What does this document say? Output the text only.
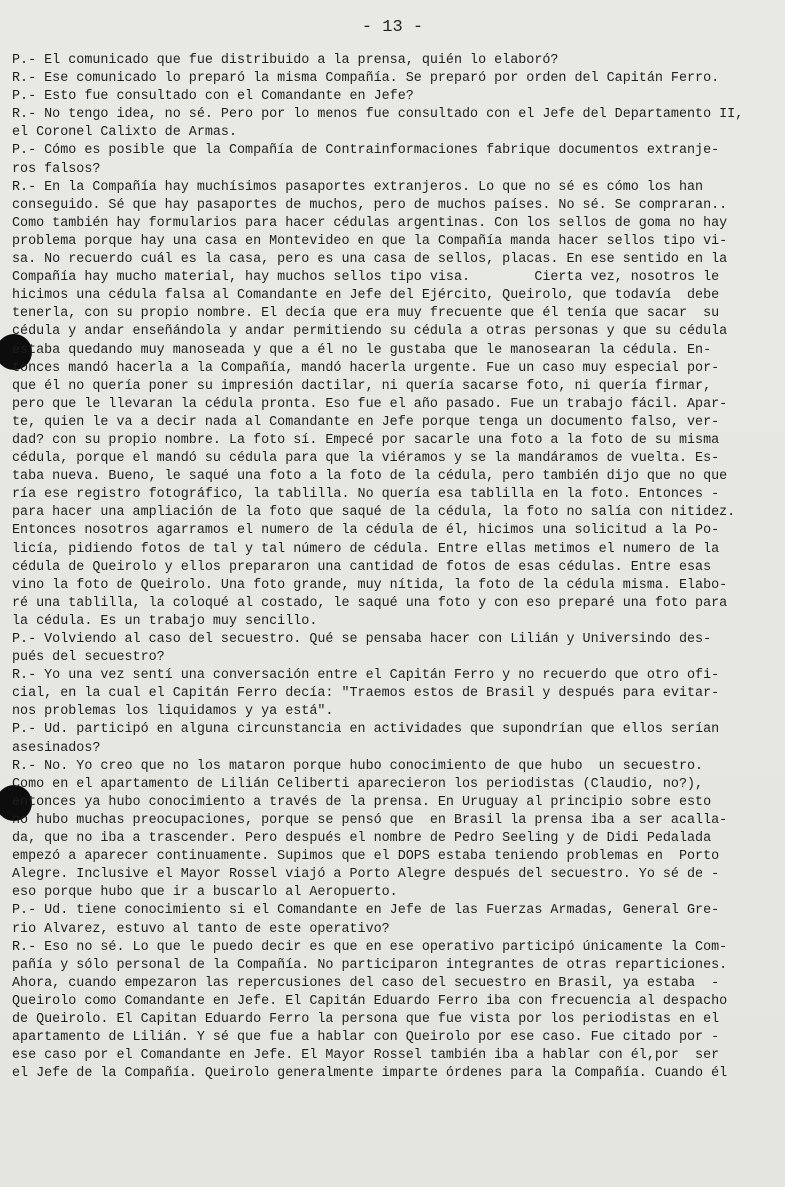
- 13 -
P.- El comunicado que fue distribuido a la prensa, quién lo elaboró?
R.- Ese comunicado lo preparó la misma Compañía. Se preparó por orden del Capitán Ferro.
P.- Esto fue consultado con el Comandante en Jefe?
R.- No tengo idea, no sé. Pero por lo menos fue consultado con el Jefe del Departamento II,
el Coronel Calixto de Armas.
P.- Cómo es posible que la Compañía de Contrainformaciones fabrique documentos extranje-
ros falsos?
R.- En la Compañía hay muchísimos pasaportes extranjeros. Lo que no sé es cómo los han
conseguido. Sé que hay pasaportes de muchos, pero de muchos países. No sé. Se compraran..
Como también hay formularios para hacer cédulas argentinas. Con los sellos de goma no hay
problema porque hay una casa en Montevideo en que la Compañía manda hacer sellos tipo vi-
sa. No recuerdo cuál es la casa, pero es una casa de sellos, placas. En ese sentido en la
Compañía hay mucho material, hay muchos sellos tipo visa.        Cierta vez, nosotros le
hicimos una cédula falsa al Comandante en Jefe del Ejército, Queirolo, que todavía  debe
tenerla, con su propio nombre. El decía que era muy frecuente que él tenía que sacar  su
cédula y andar enseñándola y andar permitiendo su cédula a otras personas y que su cédula
estaba quedando muy manoseada y que a él no le gustaba que le manosearan la cédula. En-
tonces mandó hacerla a la Compañía, mandó hacerla urgente. Fue un caso muy especial por-
que él no quería poner su impresión dactilar, ni quería sacarse foto, ni quería firmar,
pero que le llevaran la cédula pronta. Eso fue el año pasado. Fue un trabajo fácil. Apar-
te, quien le va a decir nada al Comandante en Jefe porque tenga un documento falso, ver-
dad? con su propio nombre. La foto sí. Empecé por sacarle una foto a la foto de su misma
cédula, porque el mandó su cédula para que la viéramos y se la mandáramos de vuelta. Es-
taba nueva. Bueno, le saqué una foto a la foto de la cédula, pero también dijo que no que
ría ese registro fotográfico, la tablilla. No quería esa tablilla en la foto. Entonces -
para hacer una ampliación de la foto que saqué de la cédula, la foto no salía con nitidez.
Entonces nosotros agarramos el numero de la cédula de él, hicimos una solicitud a la Po-
licía, pidiendo fotos de tal y tal número de cédula. Entre ellas metimos el numero de la
cédula de Queirolo y ellos prepararon una cantidad de fotos de esas cédulas. Entre esas
vino la foto de Queirolo. Una foto grande, muy nítida, la foto de la cédula misma. Elabo-
ré una tablilla, la coloqué al costado, le saqué una foto y con eso preparé una foto para
la cédula. Es un trabajo muy sencillo.
P.- Volviendo al caso del secuestro. Qué se pensaba hacer con Lilián y Universindo des-
pués del secuestro?
R.- Yo una vez sentí una conversación entre el Capitán Ferro y no recuerdo que otro ofi-
cial, en la cual el Capitán Ferro decía: "Traemos estos de Brasil y después para evitar-
nos problemas los liquidamos y ya está".
P.- Ud. participó en alguna circunstancia en actividades que supondrían que ellos serían
asesinados?
R.- No. Yo creo que no los mataron porque hubo conocimiento de que hubo  un secuestro.
Como en el apartamento de Lilián Celiberti aparecieron los periodistas (Claudio, no?),
entonces ya hubo conocimiento a través de la prensa. En Uruguay al principio sobre esto
no hubo muchas preocupaciones, porque se pensó que  en Brasil la prensa iba a ser acalla-
da, que no iba a trascender. Pero después el nombre de Pedro Seeling y de Didi Pedalada
empezó a aparecer continuamente. Supimos que el DOPS estaba teniendo problemas en  Porto
Alegre. Inclusive el Mayor Rossel viajó a Porto Alegre después del secuestro. Yo sé de -
eso porque hubo que ir a buscarlo al Aeropuerto.
P.- Ud. tiene conocimiento si el Comandante en Jefe de las Fuerzas Armadas, General Gre-
rio Alvarez, estuvo al tanto de este operativo?
R.- Eso no sé. Lo que le puedo decir es que en ese operativo participó únicamente la Com-
pañía y sólo personal de la Compañía. No participaron integrantes de otras reparticiones.
Ahora, cuando empezaron las repercusiones del caso del secuestro en Brasil, ya estaba  -
Queirolo como Comandante en Jefe. El Capitán Eduardo Ferro iba con frecuencia al despacho
de Queirolo. El Capitan Eduardo Ferro la persona que fue vista por los periodistas en el
apartamento de Lilián. Y sé que fue a hablar con Queirolo por ese caso. Fue citado por -
ese caso por el Comandante en Jefe. El Mayor Rossel también iba a hablar con él,por  ser
el Jefe de la Compañía. Queirolo generalmente imparte órdenes para la Compañía. Cuando él
